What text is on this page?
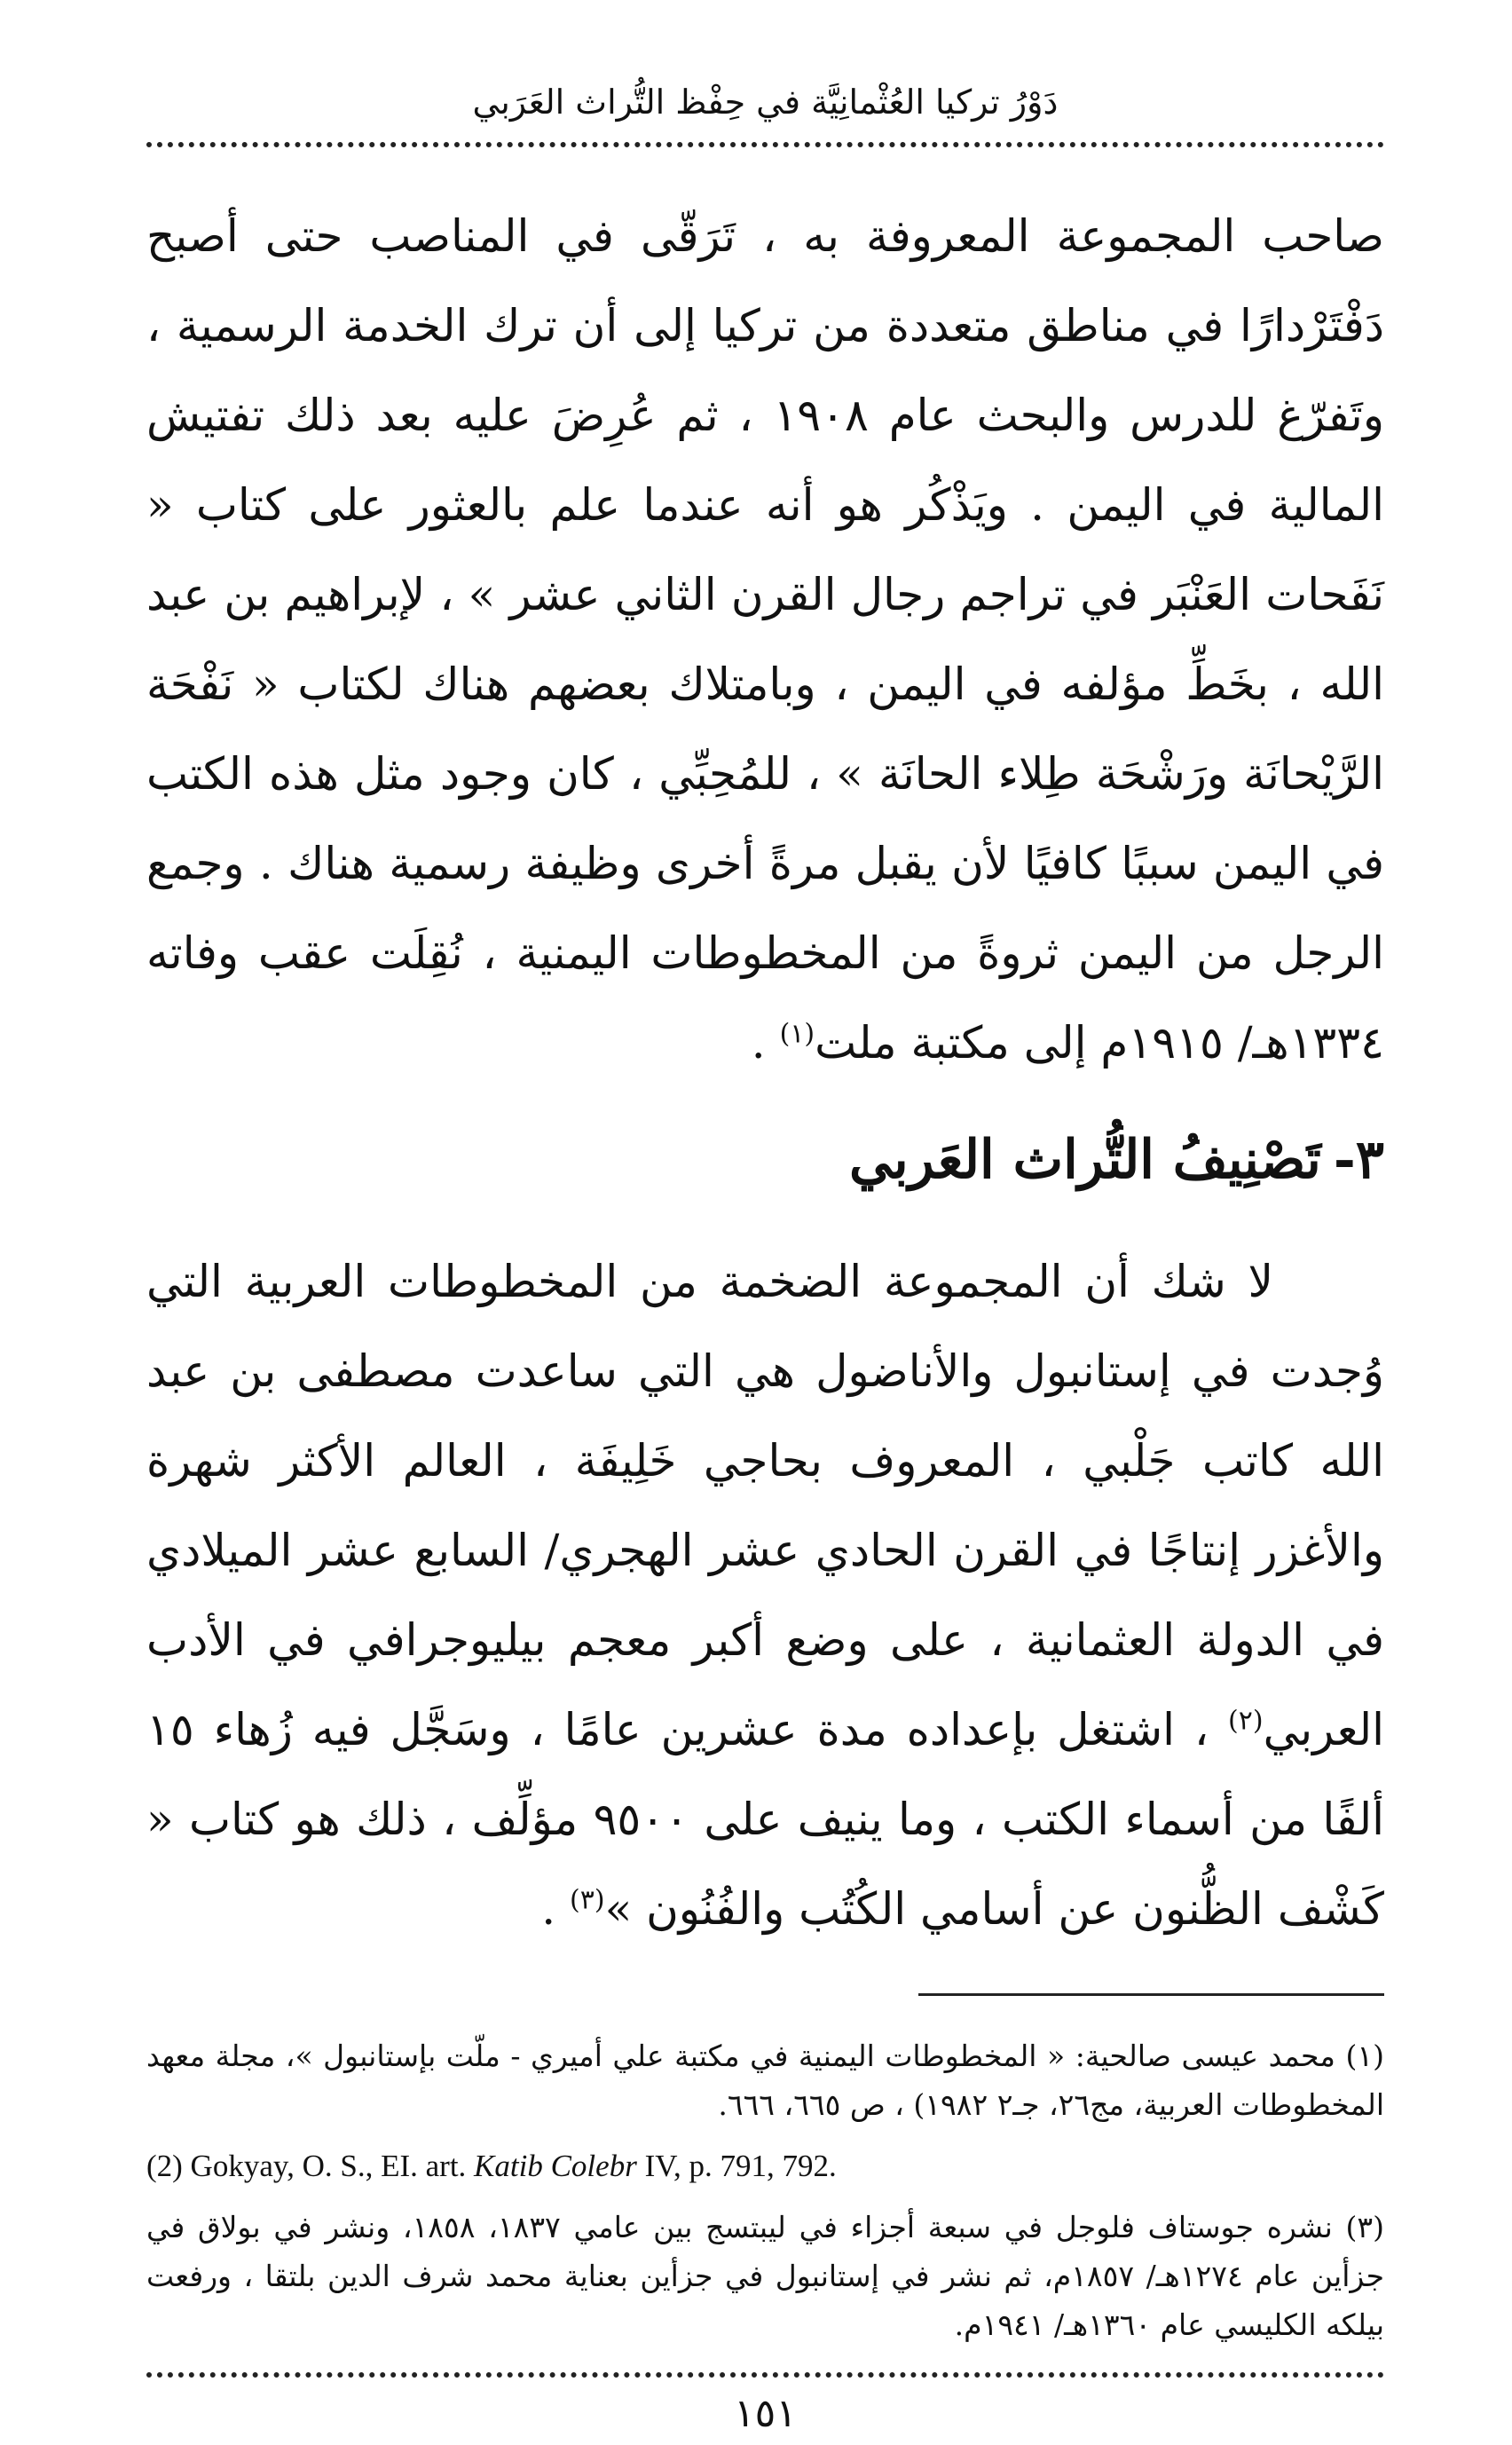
دَوْرُ تركيا العُثْمانِيَّة في حِفْظ التُّراث العَرَبي

صاحب المجموعة المعروفة به ، تَرَقّى في المناصب حتى أصبح دَفْتَرْدارًا في مناطق متعددة من تركيا إلى أن ترك الخدمة الرسمية ، وتَفرّغ للدرس والبحث عام ١٩٠٨ ، ثم عُرِضَ عليه بعد ذلك تفتيش المالية في اليمن . ويَذْكُر هو أنه عندما علم بالعثور على كتاب « نَفَحات العَنْبَر في تراجم رجال القرن الثاني عشر » ، لإبراهيم بن عبد الله ، بخَطِّ مؤلفه في اليمن ، وبامتلاك بعضهم هناك لكتاب « نَفْحَة الرَّيْحانَة ورَشْحَة طِلاء الحانَة » ، للمُحِبِّي ، كان وجود مثل هذه الكتب في اليمن سببًا كافيًا لأن يقبل مرةً أخرى وظيفة رسمية هناك . وجمع الرجل من اليمن ثروةً من المخطوطات اليمنية ، نُقِلَت عقب وفاته ١٣٣٤هـ/ ١٩١٥م إلى مكتبة ملت$^{(١)}$ .

٣-تَصْنِيفُ التُّراث العَربي

لا شك أن المجموعة الضخمة من المخطوطات العربية التي وُجدت في إستانبول والأناضول هي التي ساعدت مصطفى بن عبد الله كاتب جَلْبي ، المعروف بحاجي خَلِيفَة ، العالم الأكثر شهرة والأغزر إنتاجًا في القرن الحادي عشر الهجري/ السابع عشر الميلادي في الدولة العثمانية ، على وضع أكبر معجم بيليوجرافي في الأدب العربي$^{(٢)}$ ، اشتغل بإعداده مدة عشرين عامًا ، وسَجَّل فيه زُهاء ١٥ ألفًا من أسماء الكتب ، وما ينيف على ٩٥٠٠ مؤلِّف ، ذلك هو كتاب « كَشْف الظُّنون عن أسامي الكُتُب والفُنُون »$^{(٣)}$ .

(١) محمد عيسى صالحية: « المخطوطات اليمنية في مكتبة علي أميري - ملّت بإستانبول »، مجلة معهد المخطوطات العربية، مج٢٦، جـ٢ ١٩٨٢) ، ص ٦٦٥، ٦٦٦.

(2) Gokyay, O. S., EI. art. Katib Colebr IV, p. 791, 792.

(٣) نشره جوستاف فلوجل في سبعة أجزاء في ليبتسج بين عامي ١٨٣٧، ١٨٥٨، ونشر في بولاق في جزأين عام ١٢٧٤هـ/ ١٨٥٧م، ثم نشر في إستانبول في جزأين بعناية محمد شرف الدين بلتقا ، ورفعت بيلكه الكليسي عام ١٣٦٠هـ/ ١٩٤١م.

١٥١
